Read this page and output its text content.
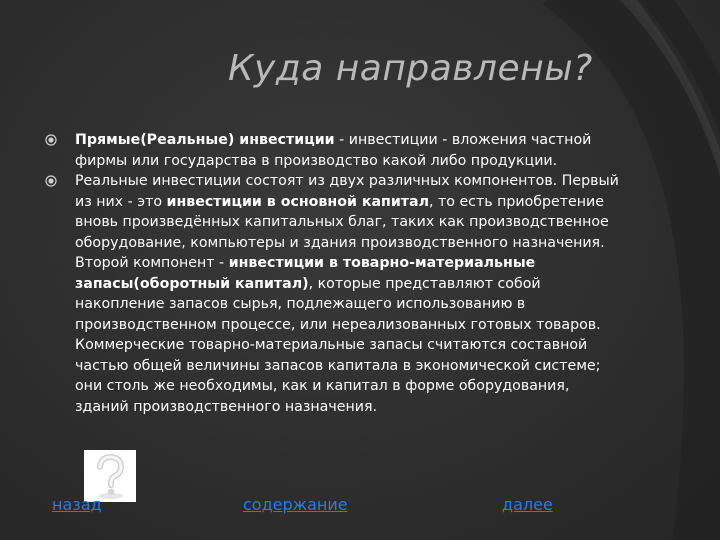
Куда направлены?

Прямые(Реальные) инвестиции - инвестиции - вложения частной фирмы или государства в производство какой либо продукции.

Реальные инвестиции состоят из двух различных компонентов. Первый из них - это инвестиции в основной капитал, то есть приобретение вновь произведённых капитальных благ, таких как производственное оборудование, компьютеры и здания производственного назначения. Второй компонент - инвестиции в товарно-материальные запасы(оборотный капитал), которые представляют собой накопление запасов сырья, подлежащего использованию в производственном процессе, или нереализованных готовых товаров. Коммерческие товарно-материальные запасы считаются составной частью общей величины запасов капитала в экономической системе; они столь же необходимы, как и капитал в форме оборудования, зданий производственного назначения.

назад	содержание	далее
